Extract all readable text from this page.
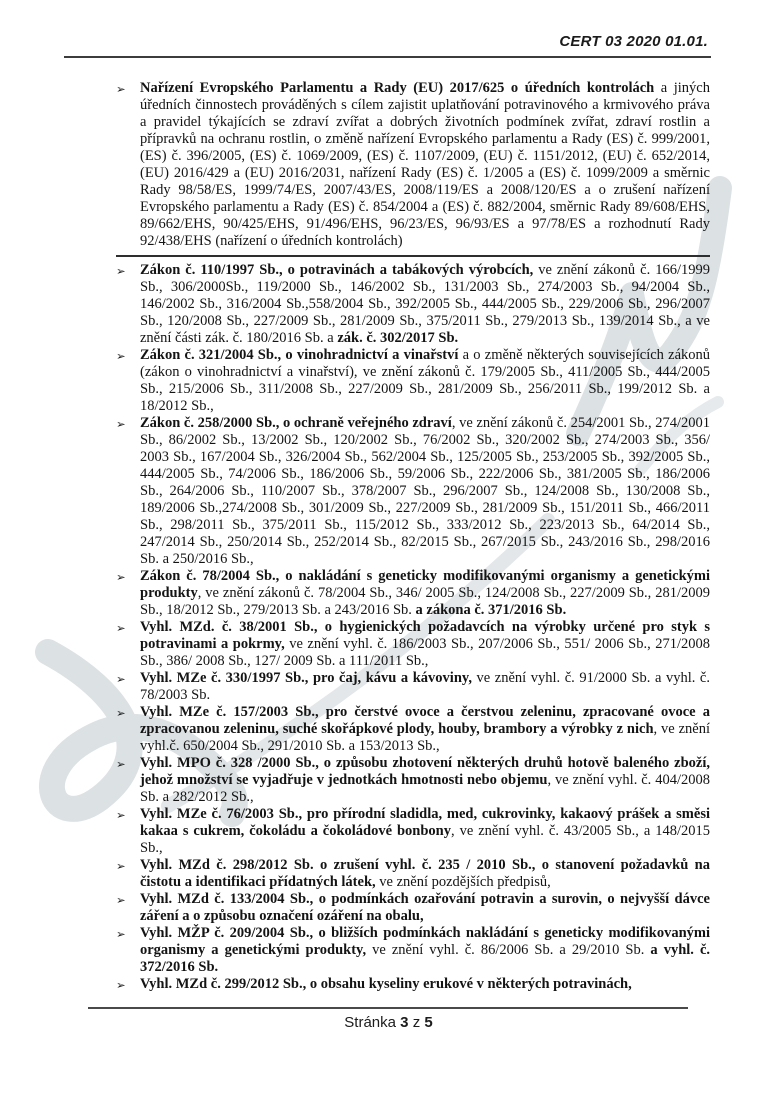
CERT 03 2020 01.01.
➢ Nařízení Evropského Parlamentu a Rady (EU) 2017/625 o úředních kontrolách a jiných úředních činnostech prováděných s cílem zajistit uplatňování potravinového a krmivového práva a pravidel týkajících se zdraví zvířat a dobrých životních podmínek zvířat, zdraví rostlin a přípravků na ochranu rostlin, o změně nařízení Evropského parlamentu a Rady (ES) č. 999/2001, (ES) č. 396/2005, (ES) č. 1069/2009, (ES) č. 1107/2009, (EU) č. 1151/2012, (EU) č. 652/2014, (EU) 2016/429 a (EU) 2016/2031, nařízení Rady (ES) č. 1/2005 a (ES) č. 1099/2009 a směrnic Rady 98/58/ES, 1999/74/ES, 2007/43/ES, 2008/119/ES a 2008/120/ES a o zrušení nařízení Evropského parlamentu a Rady (ES) č. 854/2004 a (ES) č. 882/2004, směrnic Rady 89/608/EHS, 89/662/EHS, 90/425/EHS, 91/496/EHS, 96/23/ES, 96/93/ES a 97/78/ES a rozhodnutí Rady 92/438/EHS (nařízení o úředních kontrolách)
➢ Zákon č. 110/1997 Sb., o potravinách a tabákových výrobcích, ve znění zákonů č. 166/1999 Sb., 306/2000Sb., 119/2000 Sb., 146/2002 Sb., 131/2003 Sb., 274/2003 Sb., 94/2004 Sb., 146/2002 Sb., 316/2004 Sb.,558/2004 Sb., 392/2005 Sb., 444/2005 Sb., 229/2006 Sb., 296/2007 Sb., 120/2008 Sb., 227/2009 Sb., 281/2009 Sb., 375/2011 Sb., 279/2013 Sb., 139/2014 Sb., a ve znění části zák. č. 180/2016 Sb. a zák. č. 302/2017 Sb.
➢ Zákon č. 321/2004 Sb., o vinohradnictví a vinařství a o změně některých souvisejících zákonů (zákon o vinohradnictví a vinařství), ve znění zákonů č. 179/2005 Sb., 411/2005 Sb., 444/2005 Sb., 215/2006 Sb., 311/2008 Sb., 227/2009 Sb., 281/2009 Sb., 256/2011 Sb., 199/2012 Sb. a 18/2012 Sb.,
➢ Zákon č. 258/2000 Sb., o ochraně veřejného zdraví, ve znění zákonů č. 254/2001 Sb., 274/2001 Sb., 86/2002 Sb., 13/2002 Sb., 120/2002 Sb., 76/2002 Sb., 320/2002 Sb., 274/2003 Sb., 356/ 2003 Sb., 167/2004 Sb., 326/2004 Sb., 562/2004 Sb., 125/2005 Sb., 253/2005 Sb., 392/2005 Sb., 444/2005 Sb., 74/2006 Sb., 186/2006 Sb., 59/2006 Sb., 222/2006 Sb., 381/2005 Sb., 186/2006 Sb., 264/2006 Sb., 110/2007 Sb., 378/2007 Sb., 296/2007 Sb., 124/2008 Sb., 130/2008 Sb., 189/2006 Sb.,274/2008 Sb., 301/2009 Sb., 227/2009 Sb., 281/2009 Sb., 151/2011 Sb., 466/2011 Sb., 298/2011 Sb., 375/2011 Sb., 115/2012 Sb., 333/2012 Sb., 223/2013 Sb., 64/2014 Sb., 247/2014 Sb., 250/2014 Sb., 252/2014 Sb., 82/2015 Sb., 267/2015 Sb., 243/2016 Sb., 298/2016 Sb. a 250/2016 Sb.,
➢ Zákon č. 78/2004 Sb., o nakládání s geneticky modifikovanými organismy a genetickými produkty, ve znění zákonů č. 78/2004 Sb., 346/ 2005 Sb., 124/2008 Sb., 227/2009 Sb., 281/2009 Sb., 18/2012 Sb., 279/2013 Sb. a 243/2016 Sb. a zákona č. 371/2016 Sb.
➢ Vyhl. MZd. č. 38/2001 Sb., o hygienických požadavcích na výrobky určené pro styk s potravinami a pokrmy, ve znění vyhl. č. 186/2003 Sb., 207/2006 Sb., 551/ 2006 Sb., 271/2008 Sb., 386/ 2008 Sb., 127/ 2009 Sb. a 111/2011 Sb.,
➢ Vyhl. MZe č. 330/1997 Sb., pro čaj, kávu a kávoviny, ve znění vyhl. č. 91/2000 Sb. a vyhl. č. 78/2003 Sb.
➢ Vyhl. MZe č. 157/2003 Sb., pro čerstvé ovoce a čerstvou zeleninu, zpracované ovoce a zpracovanou zeleninu, suché skořápkové plody, houby, brambory a výrobky z nich, ve znění vyhl.č. 650/2004 Sb., 291/2010 Sb. a 153/2013 Sb.,
➢ Vyhl. MPO č. 328 /2000 Sb., o způsobu zhotovení některých druhů hotově baleného zboží, jehož množství se vyjadřuje v jednotkách hmotnosti nebo objemu, ve znění vyhl. č. 404/2008 Sb. a 282/2012 Sb.,
➢ Vyhl. MZe č. 76/2003 Sb., pro přírodní sladidla, med, cukrovinky, kakaový prášek a směsi kakaa s cukrem, čokoládu a čokoládové bonbony, ve znění vyhl. č. 43/2005 Sb., a 148/2015 Sb.,
➢ Vyhl. MZd č. 298/2012 Sb. o zrušení vyhl. č. 235 / 2010 Sb., o stanovení požadavků na čistotu a identifikaci přídatných látek, ve znění pozdějších předpisů,
➢ Vyhl. MZd č. 133/2004 Sb., o podmínkách ozařování potravin a surovin, o nejvyšší dávce záření a o způsobu označení ozáření na obalu,
➢ Vyhl. MŽP č. 209/2004 Sb., o bližších podmínkách nakládání s geneticky modifikovanými organismy a genetickými produkty, ve znění vyhl. č. 86/2006 Sb. a 29/2010 Sb. a vyhl. č. 372/2016 Sb.
➢ Vyhl. MZd č. 299/2012 Sb., o obsahu kyseliny erukové v některých potravinách,
Stránka 3 z 5
